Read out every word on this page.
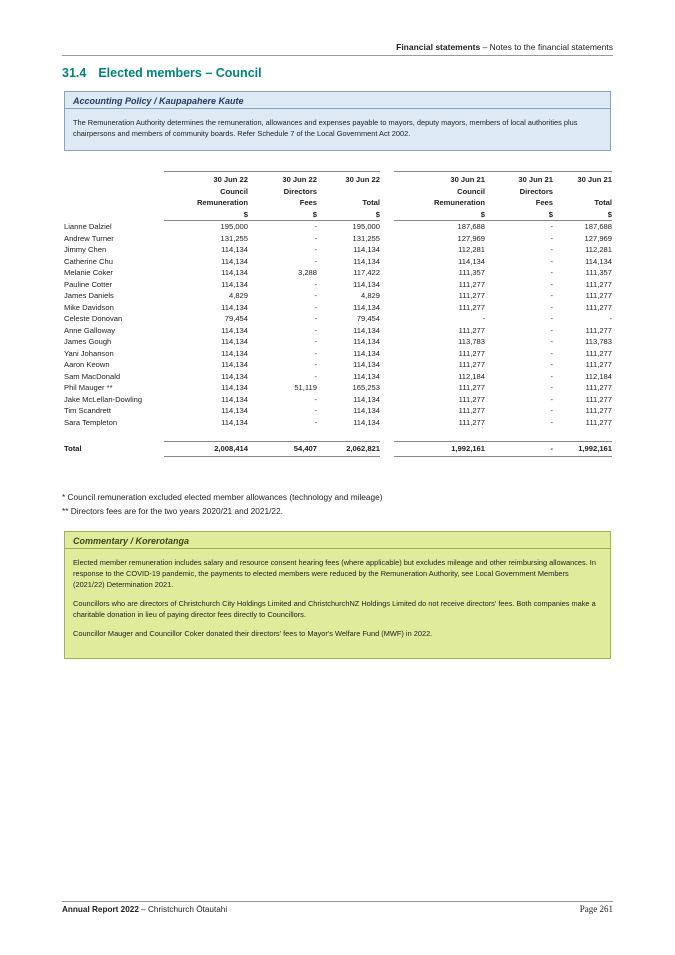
Financial statements – Notes to the financial statements
31.4 Elected members – Council
Accounting Policy / Kaupapahere Kaute
The Remuneration Authority determines the remuneration, allowances and expenses payable to mayors, deputy mayors, members of local authorities plus chairpersons and members of community boards. Refer Schedule 7 of the Local Government Act 2002.
	30 Jun 22	30 Jun 22	30 Jun 22		30 Jun 21	30 Jun 21	30 Jun 21
	Council	Directors			Council	Directors	
	Remuneration	Fees	Total		Remuneration	Fees	Total
	$	$	$		$	$	$
Lianne Dalziel	195,000	-	195,000		187,688	-	187,688
Andrew Turner	131,255	-	131,255		127,969	-	127,969
Jimmy Chen	114,134	-	114,134		112,281	-	112,281
Catherine Chu	114,134	-	114,134		114,134	-	114,134
Melanie Coker	114,134	3,288	117,422		111,357	-	111,357
Pauline Cotter	114,134	-	114,134		111,277	-	111,277
James Daniels	4,829	-	4,829		111,277	-	111,277
Mike Davidson	114,134	-	114,134		111,277	-	111,277
Celeste Donovan	79,454	-	79,454		-	-	-
Anne Galloway	114,134	-	114,134		111,277	-	111,277
James Gough	114,134	-	114,134		113,783	-	113,783
Yani Johanson	114,134	-	114,134		111,277	-	111,277
Aaron Keown	114,134	-	114,134		111,277	-	111,277
Sam MacDonald	114,134	-	114,134		112,184	-	112,184
Phil Mauger **	114,134	51,119	165,253		111,277	-	111,277
Jake McLellan-Dowling	114,134	-	114,134		111,277	-	111,277
Tim Scandrett	114,134	-	114,134		111,277	-	111,277
Sara Templeton	114,134	-	114,134		111,277	-	111,277

Total	2,008,414	54,407	2,062,821		1,992,161	-	1,992,161
* Council remuneration excluded elected member allowances (technology and mileage)
** Directors fees are for the two years 2020/21 and 2021/22.
Commentary / Korerotanga

Elected member remuneration includes salary and resource consent hearing fees (where applicable) but excludes mileage and other reimbursing allowances. In response to the COVID-19 pandemic, the payments to elected members were reduced by the Remuneration Authority, see Local Government Members (2021/22) Determination 2021.

Councillors who are directors of Christchurch City Holdings Limited and ChristchurchNZ Holdings Limited do not receive directors' fees. Both companies make a charitable donation in lieu of paying director fees directly to Councillors.

Councillor Mauger and Councillor Coker donated their directors' fees to Mayor's Welfare Fund (MWF) in 2022.

Annual Report 2022 – Christchurch Ōtautahi	Page 261
